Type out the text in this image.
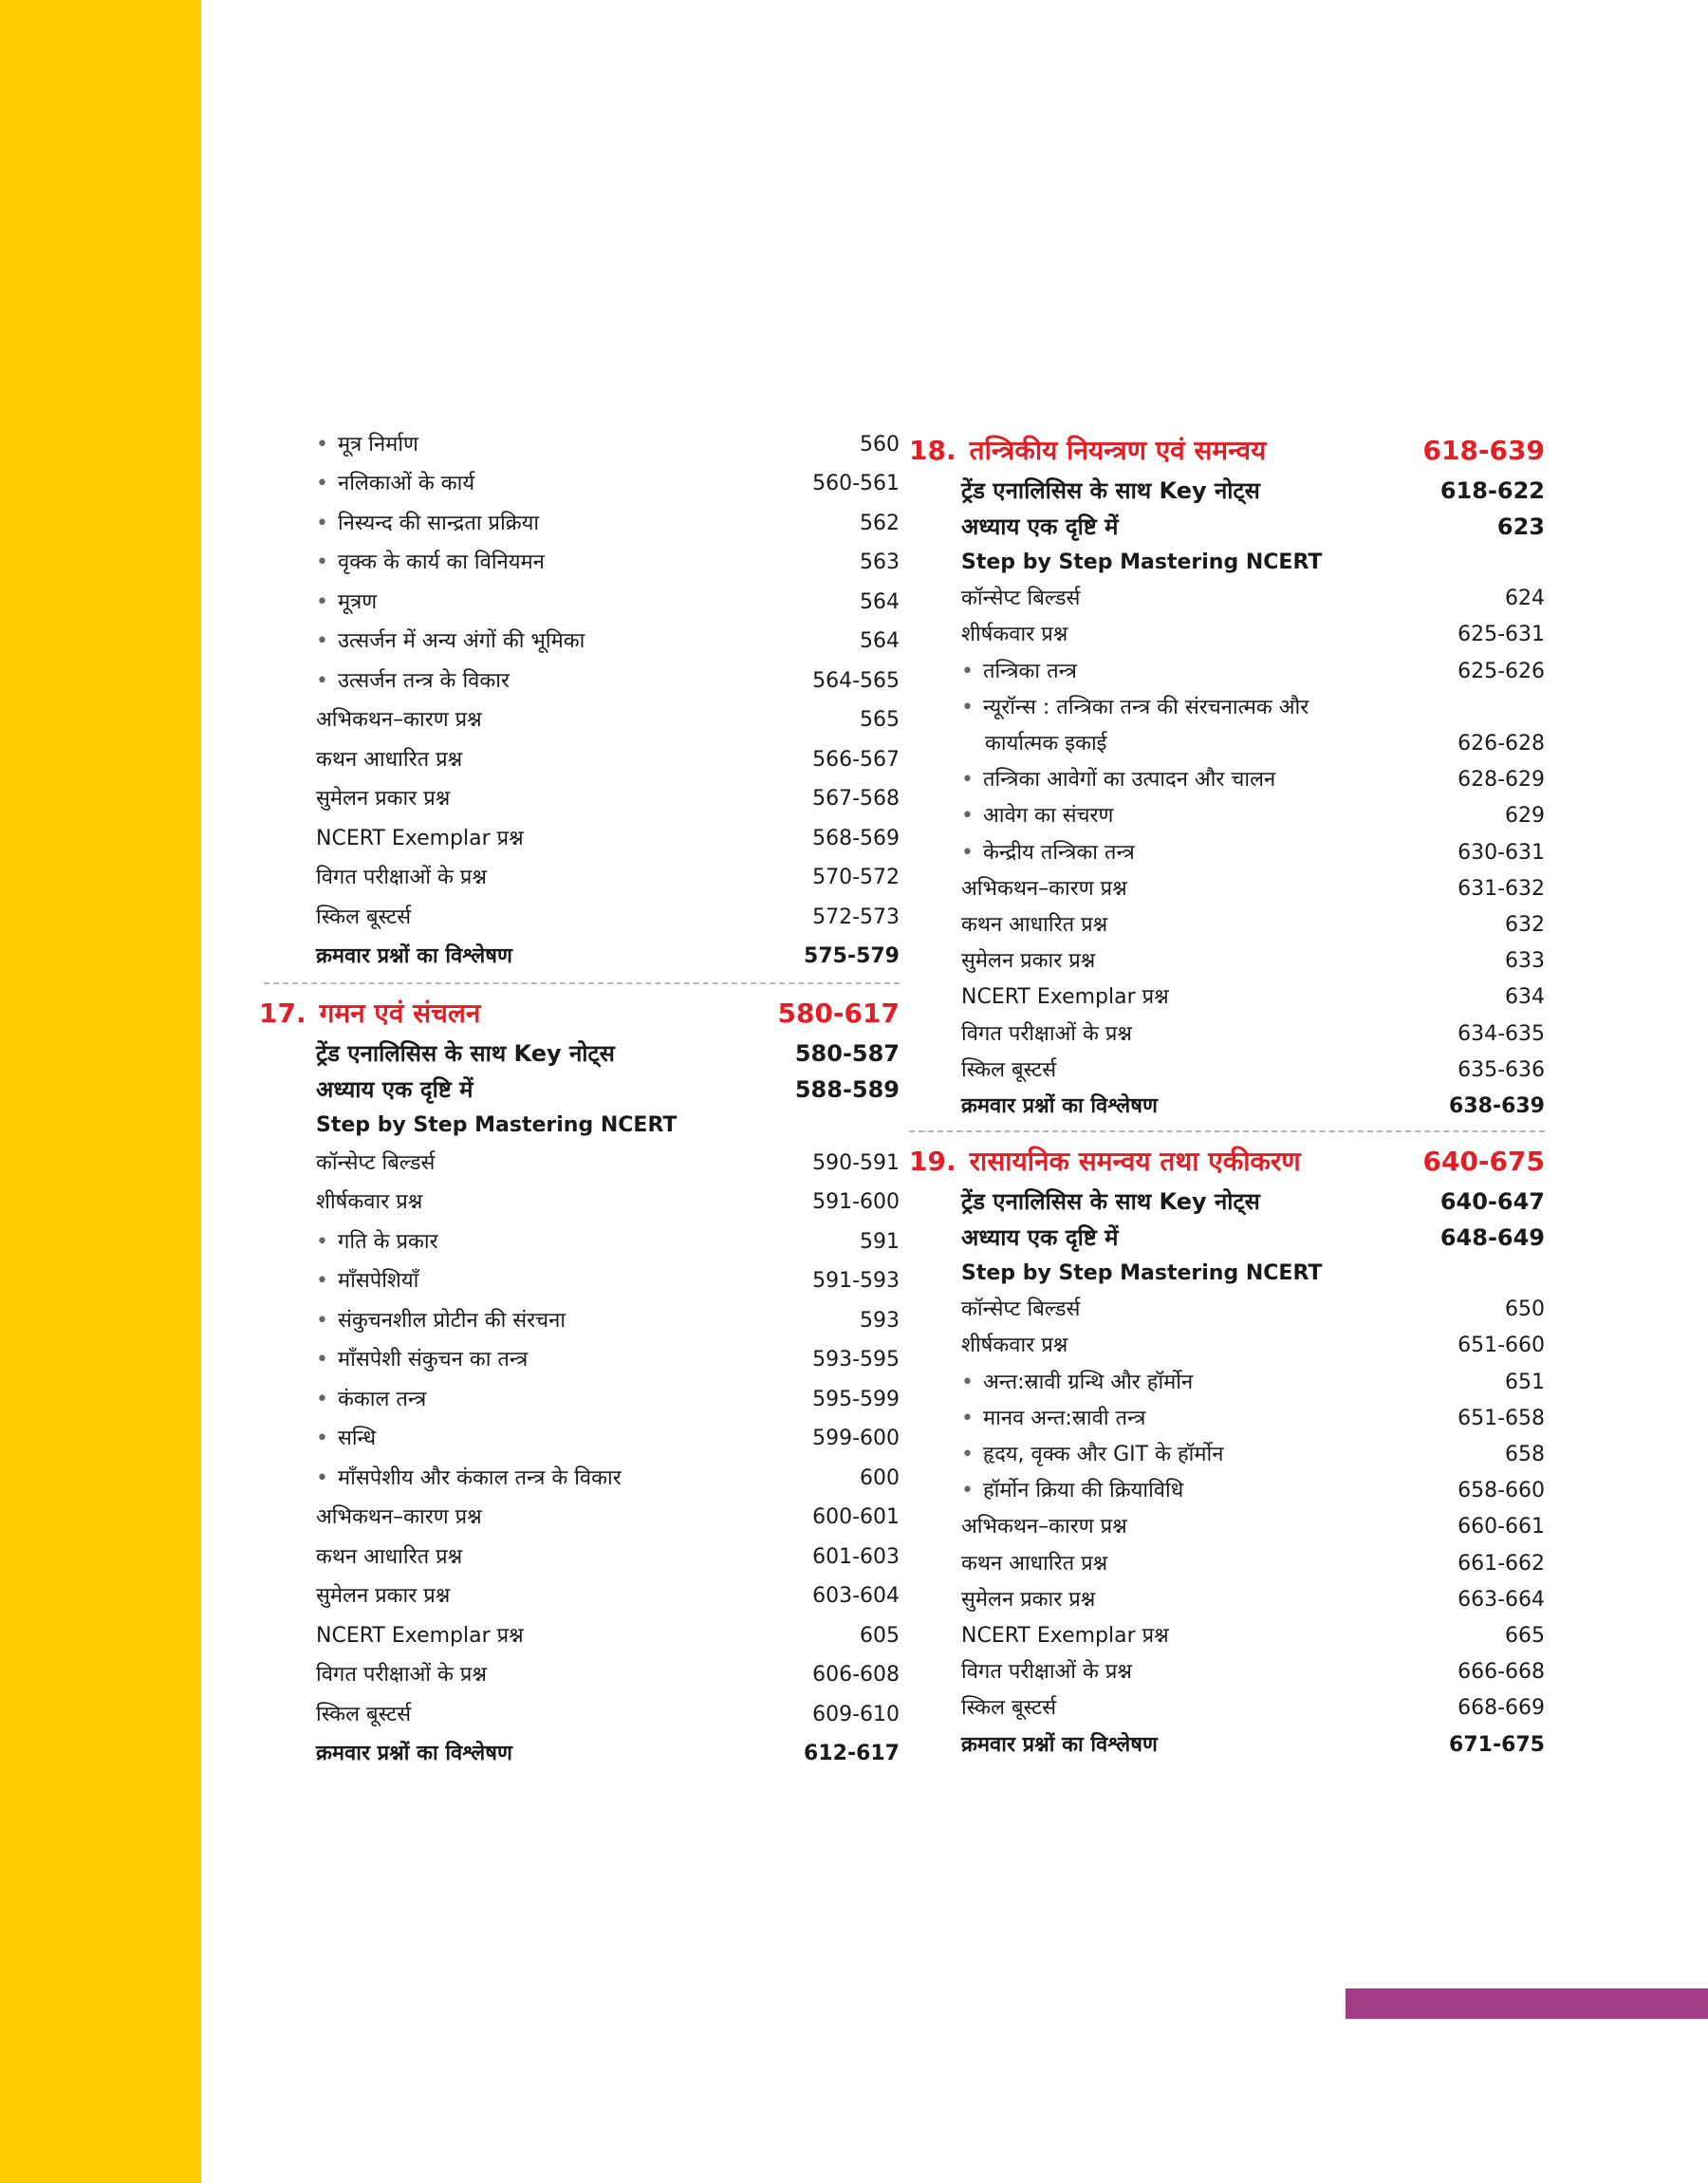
• मूत्र निर्माण	560
• नलिकाओं के कार्य	560-561
• निस्यन्द की सान्द्रता प्रक्रिया	562
• वृक्क के कार्य का विनियमन	563
• मूत्रण	564
• उत्सर्जन में अन्य अंगों की भूमिका	564
• उत्सर्जन तन्त्र के विकार	564-565
अभिकथन–कारण प्रश्न	565
कथन आधारित प्रश्न	566-567
सुमेलन प्रकार प्रश्न	567-568
NCERT Exemplar प्रश्न	568-569
विगत परीक्षाओं के प्रश्न	570-572
स्किल बूस्टर्स	572-573
क्रमवार प्रश्नों का विश्लेषण	575-579
17. गमन एवं संचलन	580-617
ट्रेंड एनालिसिस के साथ Key नोट्स	580-587
अध्याय एक दृष्टि में	588-589
Step by Step Mastering NCERT
कॉन्सेप्ट बिल्डर्स	590-591
शीर्षकवार प्रश्न	591-600
• गति के प्रकार	591
• माँसपेशियाँ	591-593
• संकुचनशील प्रोटीन की संरचना	593
• माँसपेशी संकुचन का तन्त्र	593-595
• कंकाल तन्त्र	595-599
• सन्धि	599-600
• माँसपेशीय और कंकाल तन्त्र के विकार	600
अभिकथन–कारण प्रश्न	600-601
कथन आधारित प्रश्न	601-603
सुमेलन प्रकार प्रश्न	603-604
NCERT Exemplar प्रश्न	605
विगत परीक्षाओं के प्रश्न	606-608
स्किल बूस्टर्स	609-610
क्रमवार प्रश्नों का विश्लेषण	612-617
18. तन्त्रिकीय नियन्त्रण एवं समन्वय	618-639
ट्रेंड एनालिसिस के साथ Key नोट्स	618-622
अध्याय एक दृष्टि में	623
Step by Step Mastering NCERT
कॉन्सेप्ट बिल्डर्स	624
शीर्षकवार प्रश्न	625-631
• तन्त्रिका तन्त्र	625-626
• न्यूरॉन्स : तन्त्रिका तन्त्र की संरचनात्मक और
कार्यात्मक इकाई	626-628
• तन्त्रिका आवेगों का उत्पादन और चालन	628-629
• आवेग का संचरण	629
• केन्द्रीय तन्त्रिका तन्त्र	630-631
अभिकथन–कारण प्रश्न	631-632
कथन आधारित प्रश्न	632
सुमेलन प्रकार प्रश्न	633
NCERT Exemplar प्रश्न	634
विगत परीक्षाओं के प्रश्न	634-635
स्किल बूस्टर्स	635-636
क्रमवार प्रश्नों का विश्लेषण	638-639
19. रासायनिक समन्वय तथा एकीकरण	640-675
ट्रेंड एनालिसिस के साथ Key नोट्स	640-647
अध्याय एक दृष्टि में	648-649
Step by Step Mastering NCERT
कॉन्सेप्ट बिल्डर्स	650
शीर्षकवार प्रश्न	651-660
• अन्त:स्रावी ग्रन्थि और हॉर्मोन	651
• मानव अन्त:स्रावी तन्त्र	651-658
• हृदय, वृक्क और GIT के हॉर्मोन	658
• हॉर्मोन क्रिया की क्रियाविधि	658-660
अभिकथन–कारण प्रश्न	660-661
कथन आधारित प्रश्न	661-662
सुमेलन प्रकार प्रश्न	663-664
NCERT Exemplar प्रश्न	665
विगत परीक्षाओं के प्रश्न	666-668
स्किल बूस्टर्स	668-669
क्रमवार प्रश्नों का विश्लेषण	671-675
